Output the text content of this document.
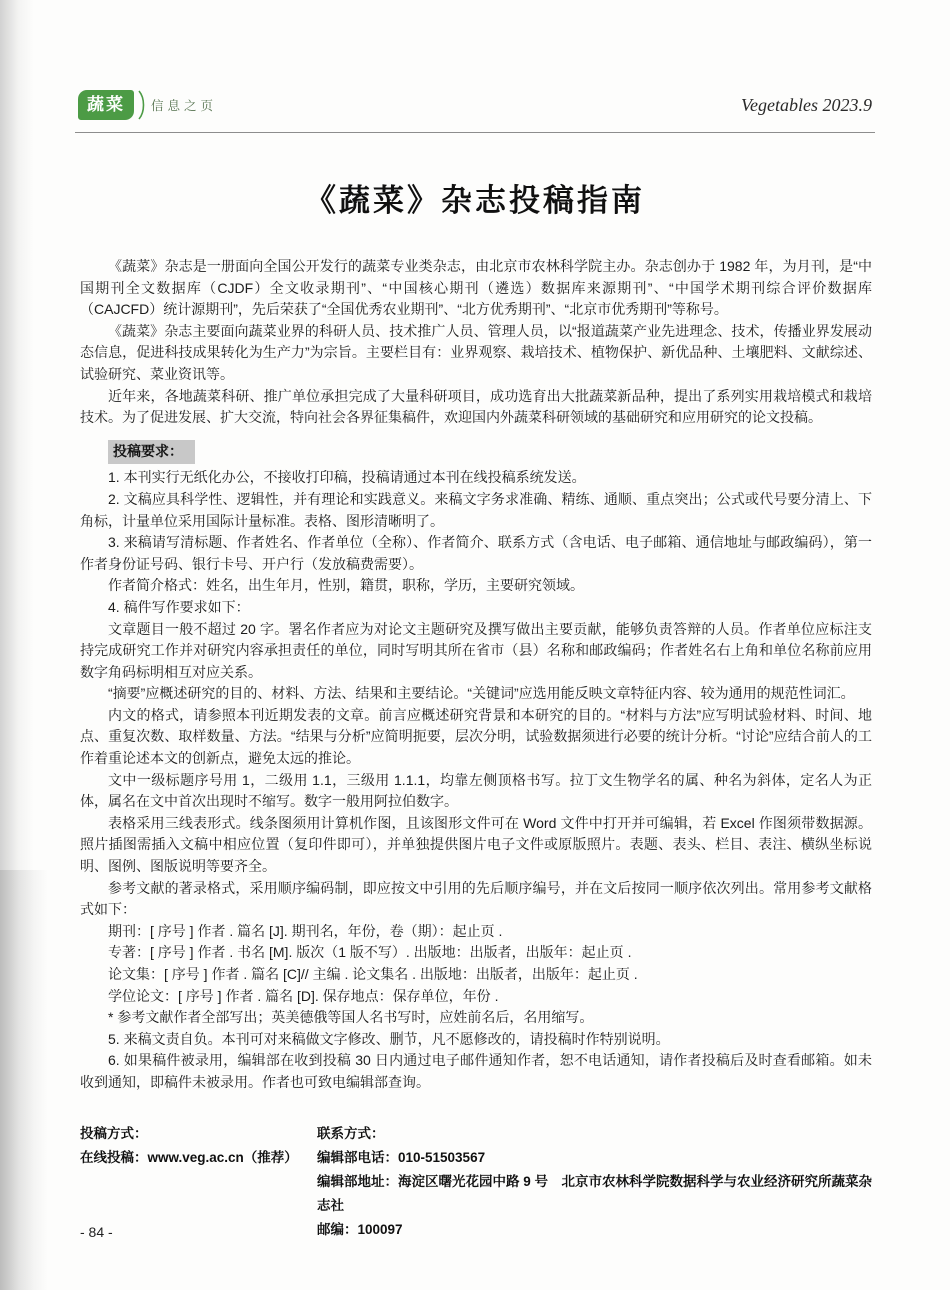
蔬菜	信息之页	Vegetables 2023.9
《蔬菜》杂志投稿指南

《蔬菜》杂志是一册面向全国公开发行的蔬菜专业类杂志，由北京市农林科学院主办。杂志创办于 1982 年，为月刊，是“中国期刊全文数据库（CJDF）全文收录期刊”、“中国核心期刊（遴选）数据库来源期刊”、“中国学术期刊综合评价数据库（CAJCFD）统计源期刊”，先后荣获了“全国优秀农业期刊”、“北方优秀期刊”、“北京市优秀期刊”等称号。

《蔬菜》杂志主要面向蔬菜业界的科研人员、技术推广人员、管理人员，以“报道蔬菜产业先进理念、技术，传播业界发展动态信息，促进科技成果转化为生产力”为宗旨。主要栏目有：业界观察、栽培技术、植物保护、新优品种、土壤肥料、文献综述、试验研究、菜业资讯等。

近年来，各地蔬菜科研、推广单位承担完成了大量科研项目，成功选育出大批蔬菜新品种，提出了系列实用栽培模式和栽培技术。为了促进发展、扩大交流，特向社会各界征集稿件，欢迎国内外蔬菜科研领域的基础研究和应用研究的论文投稿。

投稿要求：

1. 本刊实行无纸化办公，不接收打印稿，投稿请通过本刊在线投稿系统发送。

2. 文稿应具科学性、逻辑性，并有理论和实践意义。来稿文字务求准确、精练、通顺、重点突出；公式或代号要分清上、下角标，计量单位采用国际计量标准。表格、图形清晰明了。

3. 来稿请写清标题、作者姓名、作者单位（全称）、作者简介、联系方式（含电话、电子邮箱、通信地址与邮政编码），第一作者身份证号码、银行卡号、开户行（发放稿费需要）。

作者简介格式：姓名，出生年月，性别，籍贯，职称，学历，主要研究领域。

4. 稿件写作要求如下：

文章题目一般不超过 20 字。署名作者应为对论文主题研究及撰写做出主要贡献，能够负责答辩的人员。作者单位应标注支持完成研究工作并对研究内容承担责任的单位，同时写明其所在省市（县）名称和邮政编码；作者姓名右上角和单位名称前应用数字角码标明相互对应关系。

“摘要”应概述研究的目的、材料、方法、结果和主要结论。“关键词”应选用能反映文章特征内容、较为通用的规范性词汇。

内文的格式，请参照本刊近期发表的文章。前言应概述研究背景和本研究的目的。“材料与方法”应写明试验材料、时间、地点、重复次数、取样数量、方法。“结果与分析”应简明扼要，层次分明，试验数据须进行必要的统计分析。“讨论”应结合前人的工作着重论述本文的创新点，避免太远的推论。

文中一级标题序号用 1，二级用 1.1，三级用 1.1.1，均靠左侧顶格书写。拉丁文生物学名的属、种名为斜体，定名人为正体，属名在文中首次出现时不缩写。数字一般用阿拉伯数字。

表格采用三线表形式。线条图须用计算机作图，且该图形文件可在 Word 文件中打开并可编辑，若 Excel 作图须带数据源。照片插图需插入文稿中相应位置（复印件即可），并单独提供图片电子文件或原版照片。表题、表头、栏目、表注、横纵坐标说明、图例、图版说明等要齐全。

参考文献的著录格式，采用顺序编码制，即应按文中引用的先后顺序编号，并在文后按同一顺序依次列出。常用参考文献格式如下：

期刊：[ 序号 ] 作者 . 篇名 [J]. 期刊名，年份，卷（期）：起止页 .

专著：[ 序号 ] 作者 . 书名 [M]. 版次（1 版不写）. 出版地：出版者，出版年：起止页 .

论文集：[ 序号 ] 作者 . 篇名 [C]// 主编 . 论文集名 . 出版地：出版者，出版年：起止页 .

学位论文：[ 序号 ] 作者 . 篇名 [D]. 保存地点：保存单位，年份 .

* 参考文献作者全部写出；英美德俄等国人名书写时，应姓前名后，名用缩写。

5. 来稿文责自负。本刊可对来稿做文字修改、删节，凡不愿修改的，请投稿时作特别说明。

6. 如果稿件被录用，编辑部在收到投稿 30 日内通过电子邮件通知作者，恕不电话通知，请作者投稿后及时查看邮箱。如未收到通知，即稿件未被录用。作者也可致电编辑部查询。

投稿方式：
在线投稿：www.veg.ac.cn（推荐）
联系方式：
编辑部电话：010-51503567
编辑部地址：海淀区曙光花园中路 9 号　北京市农林科学院数据科学与农业经济研究所蔬菜杂志社
邮编：100097
- 84 -
